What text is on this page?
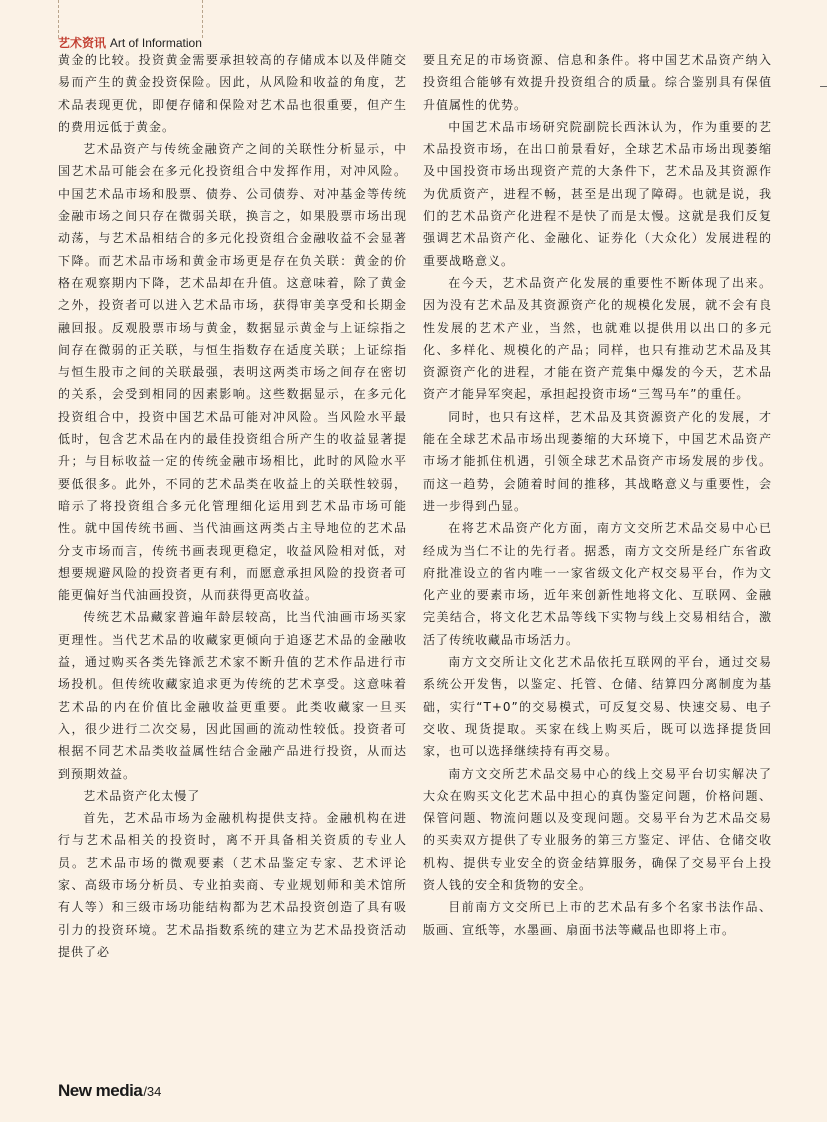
艺术资讯 Art of Information

黄金的比较。投资黄金需要承担较高的存储成本以及伴随交易而产生的黄金投资保险。因此，从风险和收益的角度，艺术品表现更优，即便存储和保险对艺术品也很重要，但产生的费用远低于黄金。

艺术品资产与传统金融资产之间的关联性分析显示，中国艺术品可能会在多元化投资组合中发挥作用，对冲风险。中国艺术品市场和股票、债券、公司债券、对冲基金等传统金融市场之间只存在微弱关联，换言之，如果股票市场出现动荡，与艺术品相结合的多元化投资组合金融收益不会显著下降。而艺术品市场和黄金市场更是存在负关联：黄金的价格在观察期内下降，艺术品却在升值。这意味着，除了黄金之外，投资者可以进入艺术品市场，获得审美享受和长期金融回报。反观股票市场与黄金，数据显示黄金与上证综指之间存在微弱的正关联，与恒生指数存在适度关联；上证综指与恒生股市之间的关联最强，表明这两类市场之间存在密切的关系，会受到相同的因素影响。这些数据显示，在多元化投资组合中，投资中国艺术品可能对冲风险。当风险水平最低时，包含艺术品在内的最佳投资组合所产生的收益显著提升；与目标收益一定的传统金融市场相比，此时的风险水平要低很多。此外，不同的艺术品类在收益上的关联性较弱，暗示了将投资组合多元化管理细化运用到艺术品市场可能性。就中国传统书画、当代油画这两类占主导地位的艺术品分支市场而言，传统书画表现更稳定，收益风险相对低，对想要规避风险的投资者更有利，而愿意承担风险的投资者可能更偏好当代油画投资，从而获得更高收益。

传统艺术品藏家普遍年龄层较高，比当代油画市场买家更理性。当代艺术品的收藏家更倾向于追逐艺术品的金融收益，通过购买各类先锋派艺术家不断升值的艺术作品进行市场投机。但传统收藏家追求更为传统的艺术享受。这意味着艺术品的内在价值比金融收益更重要。此类收藏家一旦买入，很少进行二次交易，因此国画的流动性较低。投资者可根据不同艺术品类收益属性结合金融产品进行投资，从而达到预期效益。

艺术品资产化太慢了

首先，艺术品市场为金融机构提供支持。金融机构在进行与艺术品相关的投资时，离不开具备相关资质的专业人员。艺术品市场的微观要素（艺术品鉴定专家、艺术评论家、高级市场分析员、专业拍卖商、专业规划师和美术馆所有人等）和三级市场功能结构都为艺术品投资创造了具有吸引力的投资环境。艺术品指数系统的建立为艺术品投资活动提供了必

要且充足的市场资源、信息和条件。将中国艺术品资产纳入投资组合能够有效提升投资组合的质量。综合鉴别具有保值升值属性的优势。

中国艺术品市场研究院副院长西沐认为，作为重要的艺术品投资市场，在出口前景看好，全球艺术品市场出现萎缩及中国投资市场出现资产荒的大条件下，艺术品及其资源作为优质资产，进程不畅，甚至是出现了障碍。也就是说，我们的艺术品资产化进程不是快了而是太慢。这就是我们反复强调艺术品资产化、金融化、证券化（大众化）发展进程的重要战略意义。

在今天，艺术品资产化发展的重要性不断体现了出来。因为没有艺术品及其资源资产化的规模化发展，就不会有良性发展的艺术产业，当然，也就难以提供用以出口的多元化、多样化、规模化的产品；同样，也只有推动艺术品及其资源资产化的进程，才能在资产荒集中爆发的今天，艺术品资产才能异军突起，承担起投资市场“三驾马车”的重任。

同时，也只有这样，艺术品及其资源资产化的发展，才能在全球艺术品市场出现萎缩的大环境下，中国艺术品资产市场才能抓住机遇，引领全球艺术品资产市场发展的步伐。而这一趋势，会随着时间的推移，其战略意义与重要性，会进一步得到凸显。

在将艺术品资产化方面，南方文交所艺术品交易中心已经成为当仁不让的先行者。据悉，南方文交所是经广东省政府批准设立的省内唯一一家省级文化产权交易平台，作为文化产业的要素市场，近年来创新性地将文化、互联网、金融完美结合，将文化艺术品等线下实物与线上交易相结合，激活了传统收藏品市场活力。

南方文交所让文化艺术品依托互联网的平台，通过交易系统公开发售，以鉴定、托管、仓储、结算四分离制度为基础，实行“T+0”的交易模式，可反复交易、快速交易、电子交收、现货提取。买家在线上购买后，既可以选择提货回家，也可以选择继续持有再交易。

南方文交所艺术品交易中心的线上交易平台切实解决了大众在购买文化艺术品中担心的真伪鉴定问题，价格问题、保管问题、物流问题以及变现问题。交易平台为艺术品交易的买卖双方提供了专业服务的第三方鉴定、评估、仓储交收机构、提供专业安全的资金结算服务，确保了交易平台上投资人钱的安全和货物的安全。

目前南方文交所已上市的艺术品有多个名家书法作品、版画、宣纸等，水墨画、扇面书法等藏品也即将上市。

New media/34
